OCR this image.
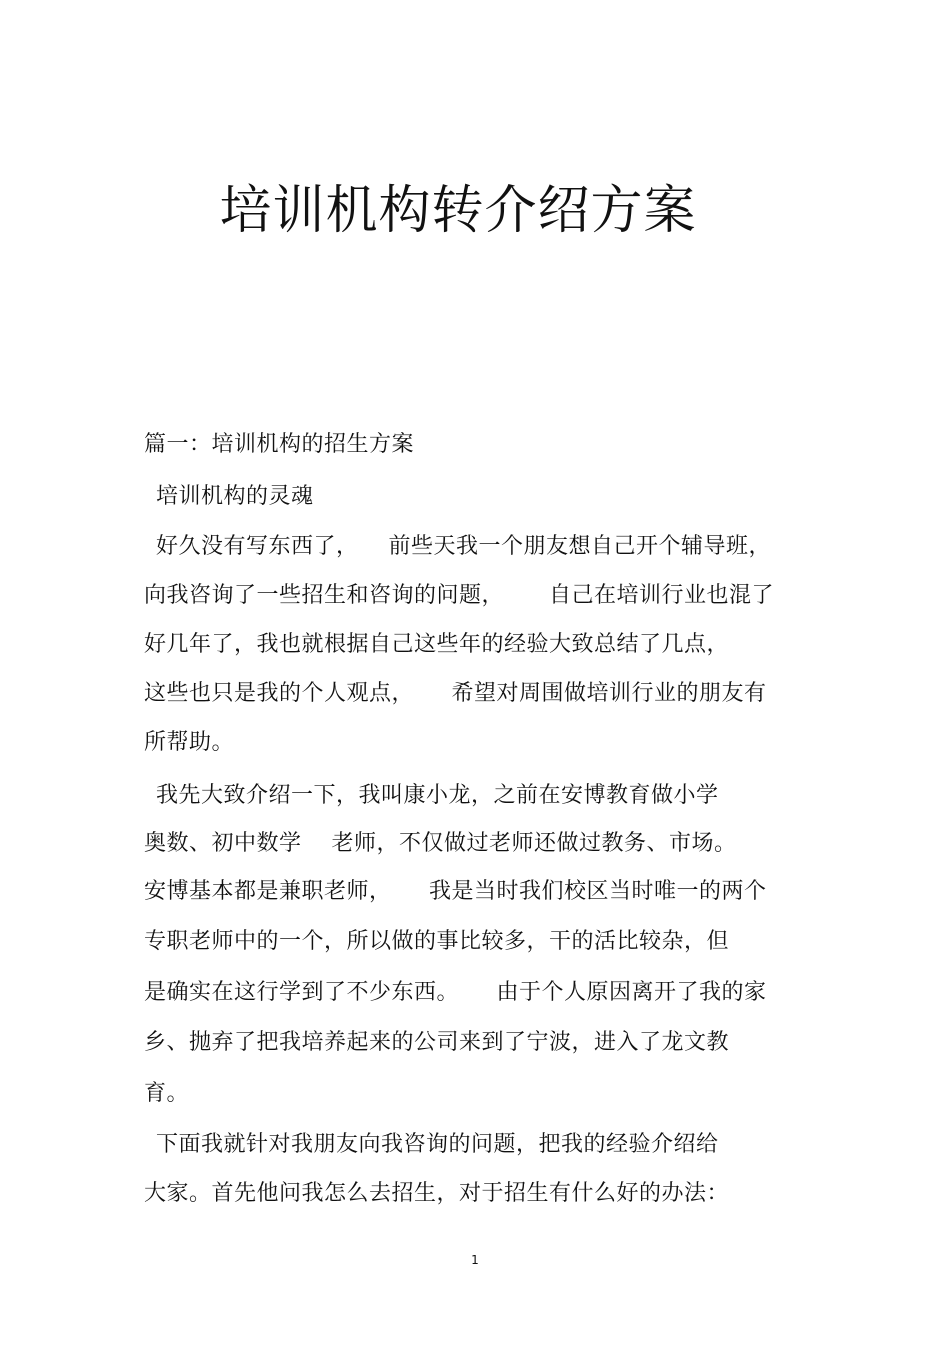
培训机构转介绍方案
篇一：培训机构的招生方案
培训机构的灵魂
好久没有写东西了，    前些天我一个朋友想自己开个辅导班，
向我咨询了一些招生和咨询的问题，      自己在培训行业也混了
好几年了，我也就根据自己这些年的经验大致总结了几点，
这些也只是我的个人观点，     希望对周围做培训行业的朋友有
所帮助。
我先大致介绍一下，我叫康小龙，之前在安博教育做小学
奥数、初中数学    老师，不仅做过老师还做过教务、市场。
安博基本都是兼职老师，     我是当时我们校区当时唯一的两个
专职老师中的一个，所以做的事比较多，干的活比较杂，但
是确实在这行学到了不少东西。     由于个人原因离开了我的家
乡、抛弃了把我培养起来的公司来到了宁波，进入了龙文教
育。
下面我就针对我朋友向我咨询的问题，把我的经验介绍给
大家。首先他问我怎么去招生，对于招生有什么好的办法：
1
